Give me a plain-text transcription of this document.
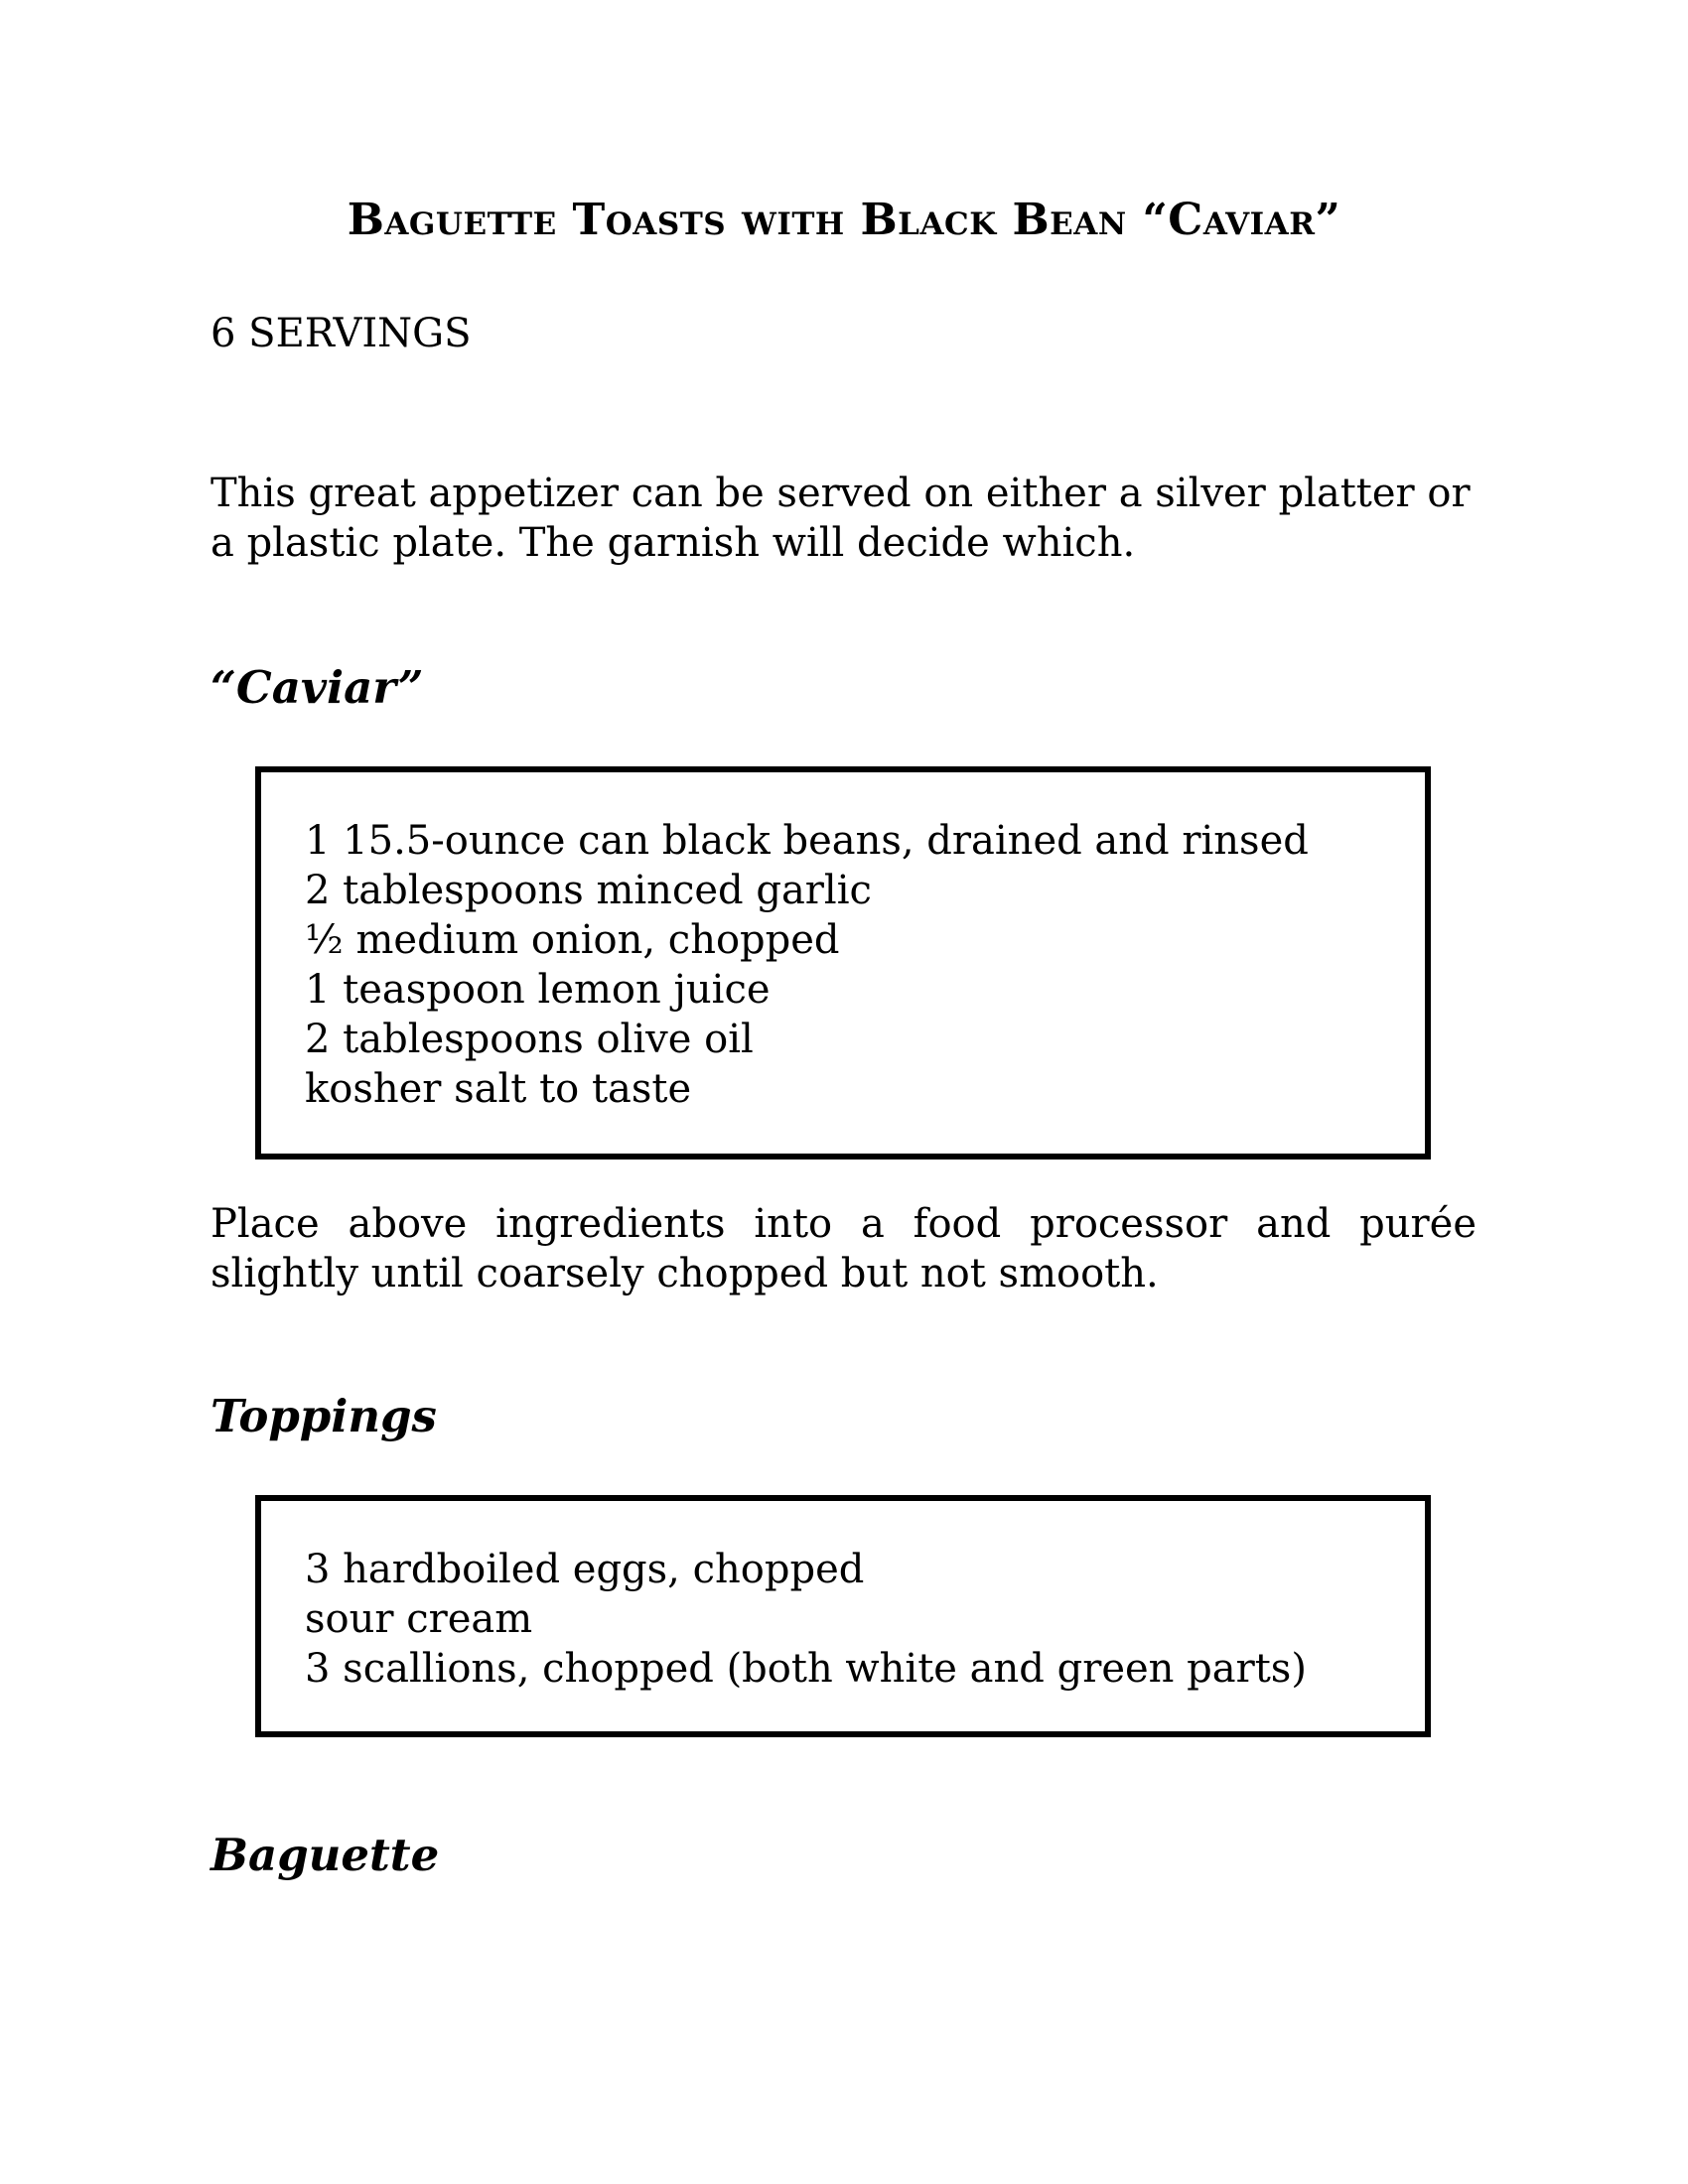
Baguette Toasts with Black Bean “Caviar”
6 SERVINGS
This great appetizer can be served on either a silver platter or a plastic plate. The garnish will decide which.
“Caviar”
1 15.5-ounce can black beans, drained and rinsed
2 tablespoons minced garlic
½ medium onion, chopped
1 teaspoon lemon juice
2 tablespoons olive oil
kosher salt to taste
Place above ingredients into a food processor and purée slightly until coarsely chopped but not smooth.
Toppings
3 hardboiled eggs, chopped
sour cream
3 scallions, chopped (both white and green parts)
Baguette
